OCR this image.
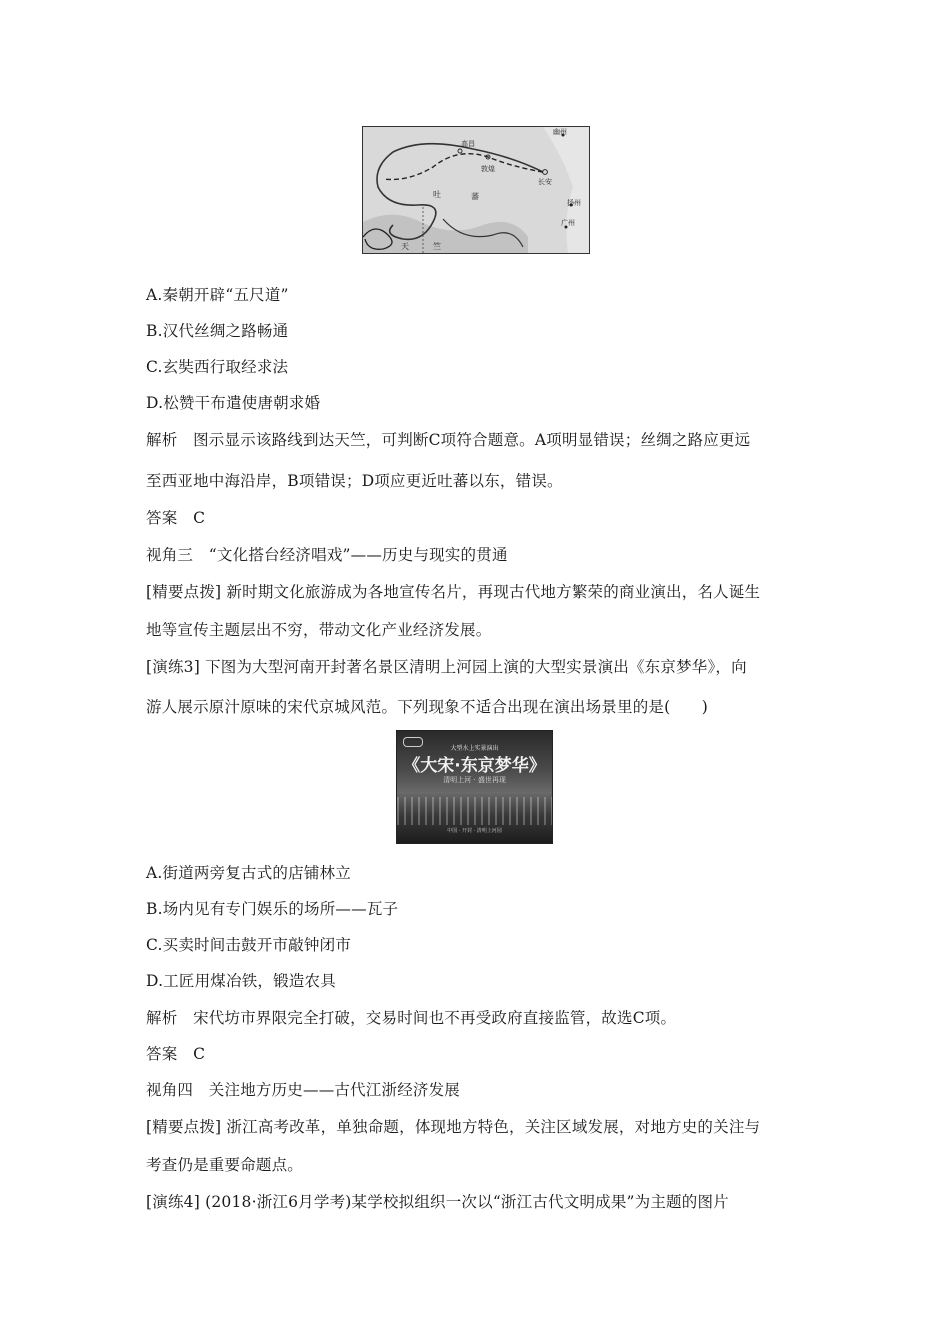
幽州
高昌
敦煌
长安
扬州
广州
吐	蕃
天	竺
A.秦朝开辟“五尺道”
B.汉代丝绸之路畅通
C.玄奘西行取经求法
D.松赞干布遣使唐朝求婚
解析　图示显示该路线到达天竺，可判断C项符合题意。A项明显错误；丝绸之路应更远
至西亚地中海沿岸，B项错误；D项应更近吐蕃以东，错误。
答案　C
视角三　“文化搭台经济唱戏”——历史与现实的贯通
[精要点拨] 新时期文化旅游成为各地宣传名片，再现古代地方繁荣的商业演出，名人诞生
地等宣传主题层出不穷，带动文化产业经济发展。
[演练3] 下图为大型河南开封著名景区清明上河园上演的大型实景演出《东京梦华》，向
游人展示原汁原味的宋代京城风范。下列现象不适合出现在演出场景里的是(　　)
大型水上实景演出
《大宋·东京梦华》
清明上河 · 盛世再现
中国 · 开封 · 清明上河园
A.街道两旁复古式的店铺林立
B.场内见有专门娱乐的场所——瓦子
C.买卖时间击鼓开市敲钟闭市
D.工匠用煤冶铁，锻造农具
解析　宋代坊市界限完全打破，交易时间也不再受政府直接监管，故选C项。
答案　C
视角四　关注地方历史——古代江浙经济发展
[精要点拨] 浙江高考改革，单独命题，体现地方特色，关注区域发展，对地方史的关注与
考查仍是重要命题点。
[演练4] (2018·浙江6月学考)某学校拟组织一次以“浙江古代文明成果”为主题的图片
